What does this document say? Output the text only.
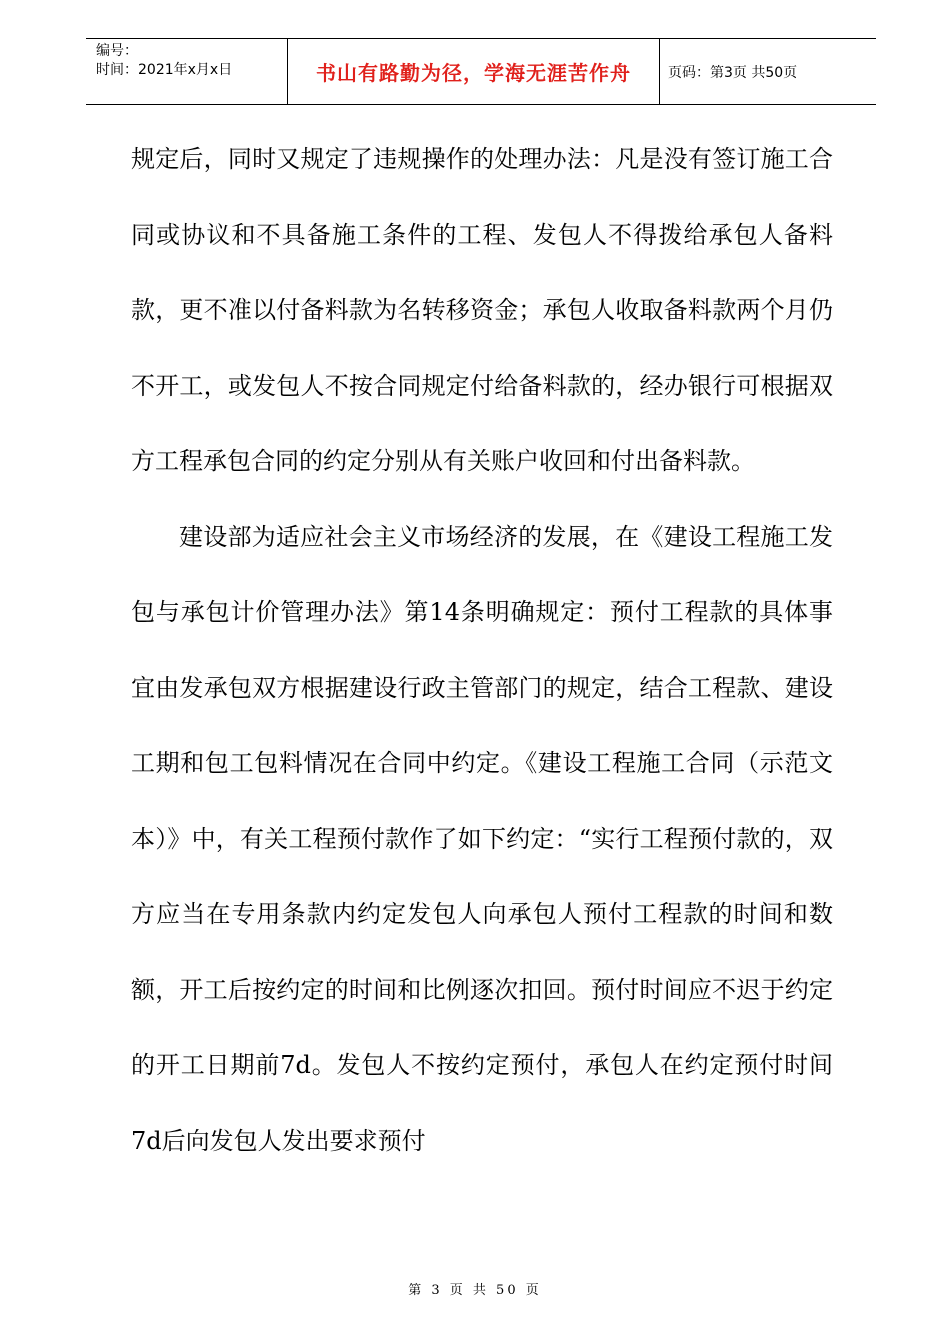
编号：
时间：2021年x月x日	书山有路勤为径，学海无涯苦作舟	页码：第3页 共50页

规定后，同时又规定了违规操作的处理办法：凡是没有签订施工合同或协议和不具备施工条件的工程、发包人不得拨给承包人备料款，更不准以付备料款为名转移资金；承包人收取备料款两个月仍不开工，或发包人不按合同规定付给备料款的，经办银行可根据双方工程承包合同的约定分别从有关账户收回和付出备料款。

建设部为适应社会主义市场经济的发展，在《建设工程施工发包与承包计价管理办法》第14条明确规定：预付工程款的具体事宜由发承包双方根据建设行政主管部门的规定，结合工程款、建设工期和包工包料情况在合同中约定。《建设工程施工合同（示范文本）》中，有关工程预付款作了如下约定：“实行工程预付款的，双方应当在专用条款内约定发包人向承包人预付工程款的时间和数额，开工后按约定的时间和比例逐次扣回。预付时间应不迟于约定的开工日期前7d。发包人不按约定预付，承包人在约定预付时间7d后向发包人发出要求预付

第 3 页 共 50 页
